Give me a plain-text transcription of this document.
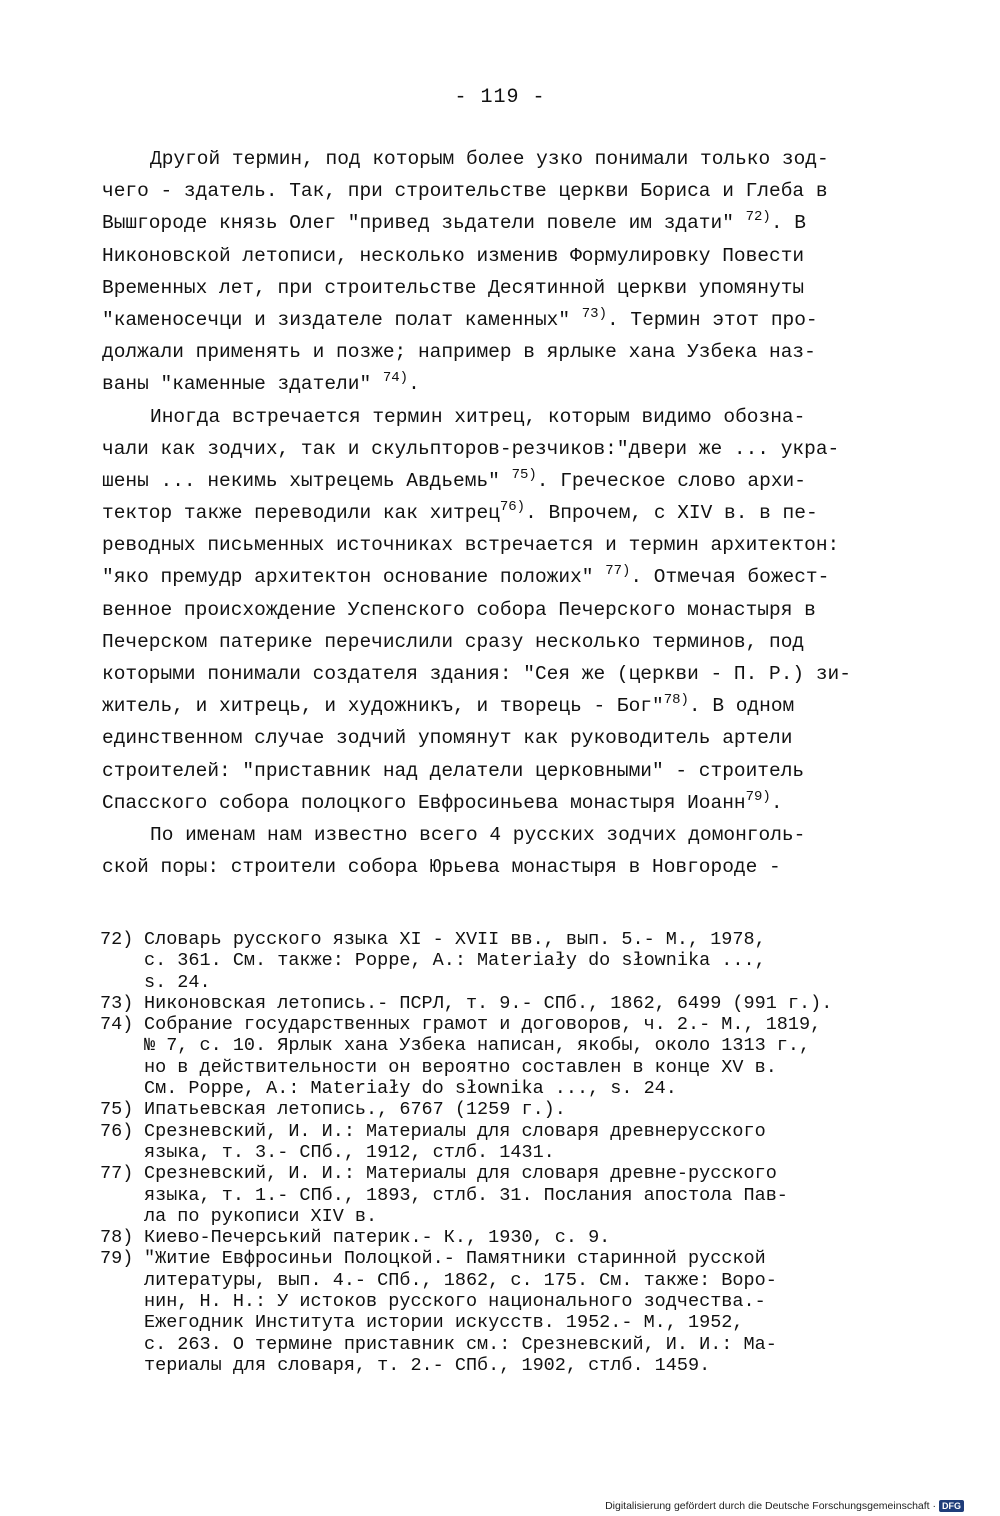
- 119 -
Другой термин, под которым более узко понимали только зод-
чего - здатель. Так, при строительстве церкви Бориса и Глеба в
Вышгороде князь Олег "привед зьдатели повеле им здати" $^{72)}$. В
Никоновской летописи, несколько изменив Формулировку Повести
Временных лет, при строительстве Десятинной церкви упомянуты
"каменосечци и зиздателе полат каменных" $^{73)}$. Термин этот про-
должали применять и позже; например в ярлыке хана Узбека наз-
ваны "каменные здатели" $^{74)}$.
Иногда встречается термин хитрец, которым видимо обозна-
чали как зодчих, так и скульпторов-резчиков:"двери же ... укра-
шены ... некимь хытрецемь Авдьемь" $^{75)}$. Греческое слово архи-
тектор также переводили как хитрец$^{76)}$. Впрочем, с XIV в. в пе-
реводных письменных источниках встречается и термин архитектон:
"яко премудр архитектон основание положих" $^{77)}$. Отмечая божест-
венное происхождение Успенского собора Печерского монастыря в
Печерском патерике перечислили сразу несколько терминов, под
которыми понимали создателя здания: "Сея же (церкви - П. Р.) зи-
житель, и хитрець, и художникъ, и творець - Бог"$^{78)}$. В одном
единственном случае зодчий упомянут как руководитель артели
строителей: "приставник над делатели церковными" - строитель
Спасского собора полоцкого Евфросиньева монастыря Иоанн$^{79)}$.
По именам нам известно всего 4 русских зодчих домонголь-
ской поры: строители собора Юрьева монастыря в Новгороде -
72) Словарь русского языка XI - XVII вв., вып. 5.- М., 1978,
с. 361. См. также: Poppe, A.: Materiały do słownika ...,
s. 24.
73) Никоновская летопись.- ПСРЛ, т. 9.- СПб., 1862, 6499 (991 г.).
74) Собрание государственных грамот и договоров, ч. 2.- М., 1819,
№ 7, с. 10. Ярлык хана Узбека написан, якобы, около 1313 г.,
но в действительности он вероятно составлен в конце XV в.
См. Poppe, A.: Materiały do słownika ..., s. 24.
75) Ипатьевская летопись., 6767 (1259 г.).
76) Срезневский, И. И.: Материалы для словаря древнерусского
языка, т. 3.- СПб., 1912, стлб. 1431.
77) Срезневский, И. И.: Материалы для словаря древне-русского
языка, т. 1.- СПб., 1893, стлб. 31. Послания апостола Пав-
ла по рукописи XIV в.
78) Киево-Печерський патерик.- К., 1930, с. 9.
79) "Житие Евфросиньи Полоцкой.- Памятники старинной русской
литературы, вып. 4.- СПб., 1862, с. 175. См. также: Воро-
нин, Н. Н.: У истоков русского национального зодчества.-
Ежегодник Института истории искусств. 1952.- М., 1952,
с. 263. О термине приставник см.: Срезневский, И. И.: Ма-
териалы для словаря, т. 2.- СПб., 1902, стлб. 1459.
Digitalisierung gefördert durch die Deutsche Forschungsgemeinschaft · DFG
